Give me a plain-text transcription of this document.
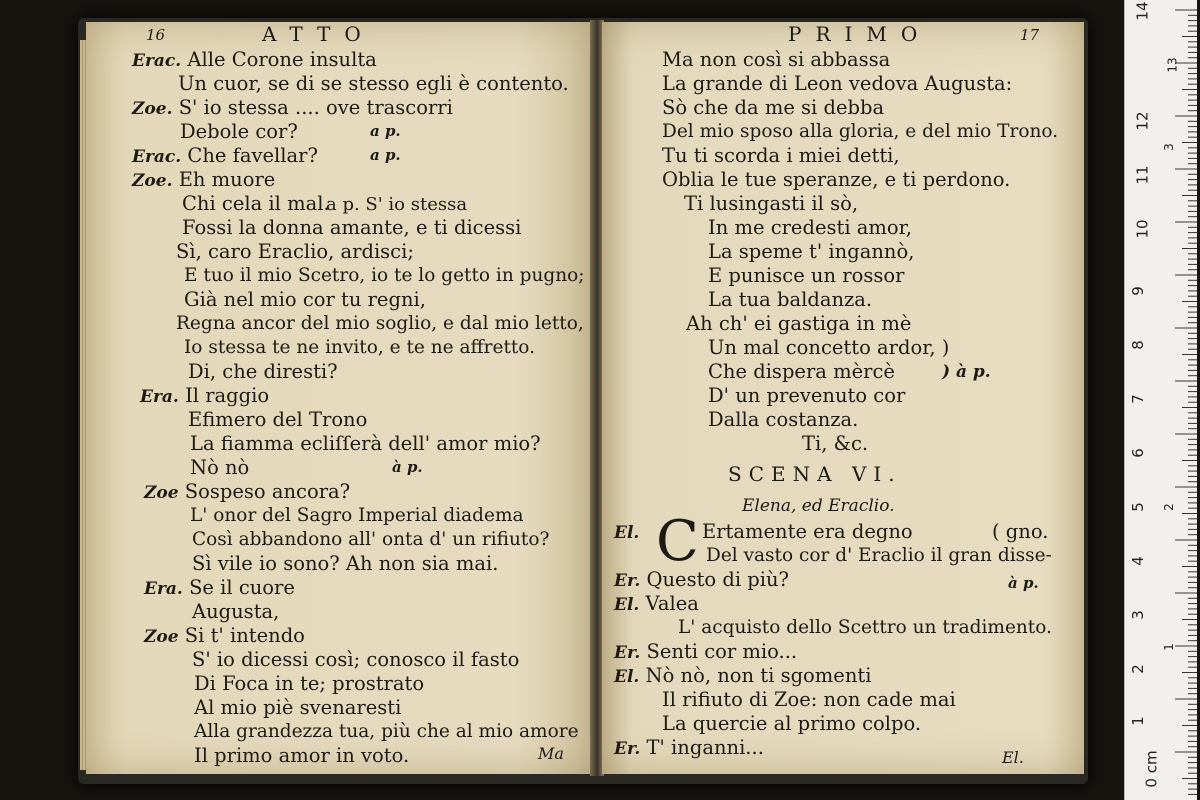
16	ATTO
Erac. Alle Corone insulta
Un cuor, se di se stesso egli è contento.
Zoe. S' io stessa .... ove trascorri
Debole cor?	a p.
Erac. Che favellar?	a p.
Zoe. Eh muore
Chi cela il mal.
a p. S' io stessa
Fossi la donna amante, e ti dicessi
Sì, caro Eraclio, ardisci;
E tuo il mio Scetro, io te lo getto in pugno;
Già nel mio cor tu regni,
Regna ancor del mio soglio, e dal mio letto,
Io stessa te ne invito, e te ne affretto.
Di, che diresti?
Era. Il raggio
Efimero del Trono
La fiamma ecliſſerà dell' amor mio?
Nò nò	à p.
Zoe Sospeso ancora?
L' onor del Sagro Imperial diadema
Così abbandono all' onta d' un rifiuto?
Sì vile io sono? Ah non sia mai.
Era. Se il cuore
Augusta,
Zoe Si t' intendo
S' io dicessi così; conosco il fasto
Di Foca in te; prostrato
Al mio piè svenaresti
Alla grandezza tua, più che al mio amore
Il primo amor in voto.	Ma
PRIMO	17
Ma non così si abbassa
La grande di Leon vedova Augusta:
Sò che da me si debba
Del mio sposo alla gloria, e del mio Trono.
Tu ti scorda i miei detti,
Oblia le tue speranze, e ti perdono.
Ti lusingasti il sò,
In me credesti amor,
La speme t' ingannò,
E punisce un rossor
La tua baldanza.
Ah ch' ei gastiga in mè
Un mal concetto ardor, )
Che dispera mèrcè	) à p.
D' un prevenuto cor
Dalla costanza.
Ti, &c.
SCENA VI.
Elena, ed Eraclio.
C
El.	Ertamente era degno	( gno.
Del vasto cor d' Eraclio il gran disse-
Er. Questo di più?	à p.
El. Valea
L' acquisto dello Scettro un tradimento.
Er. Senti cor mio...
El. Nò nò, non ti sgomenti
Il rifiuto di Zoe: non cade mai
La quercie al primo colpo.
Er. T' inganni...	El.
14
12
11
10
9
8
7
6
5
4
3
2
1
0 cm
13
3
2
1
